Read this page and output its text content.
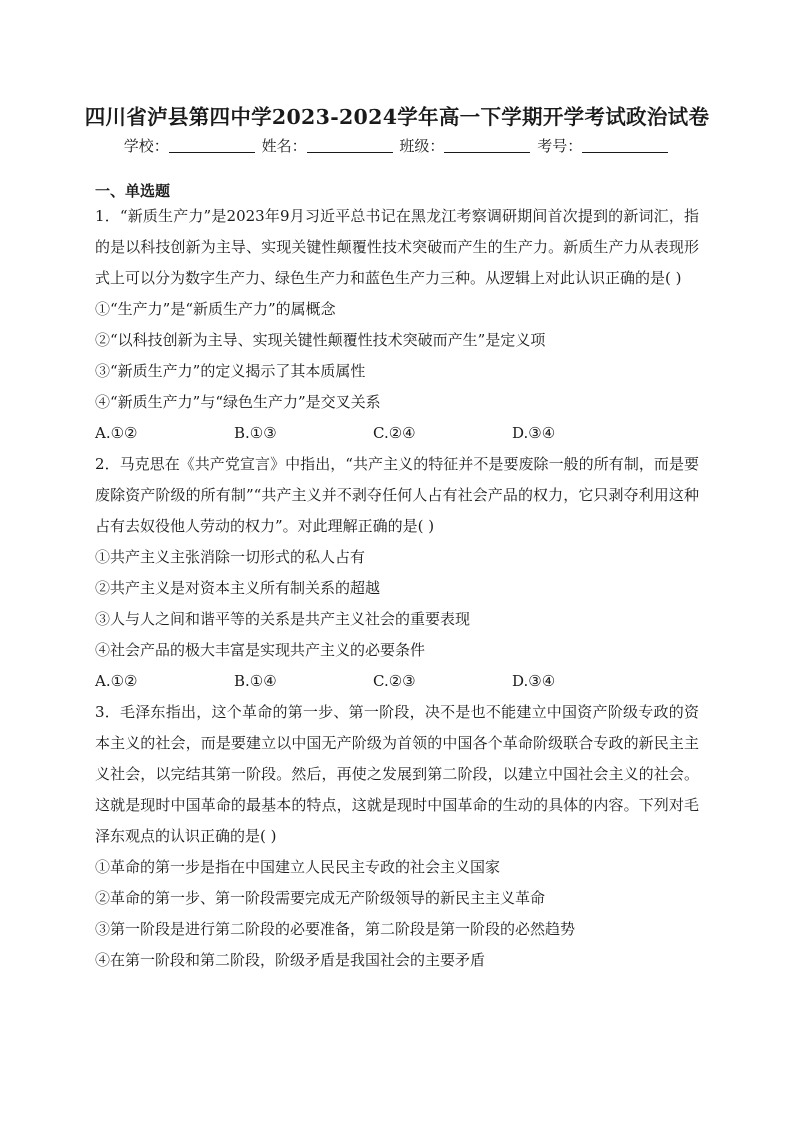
四川省泸县第四中学2023-2024学年高一下学期开学考试政治试卷
学校：	姓名：	班级：	考号：
一、单选题
1．“新质生产力”是2023年9月习近平总书记在黑龙江考察调研期间首次提到的新词汇，指的是以科技创新为主导、实现关键性颠覆性技术突破而产生的生产力。新质生产力从表现形式上可以分为数字生产力、绿色生产力和蓝色生产力三种。从逻辑上对此认识正确的是( )
①“生产力”是“新质生产力”的属概念
②“以科技创新为主导、实现关键性颠覆性技术突破而产生”是定义项
③“新质生产力”的定义揭示了其本质属性
④“新质生产力”与“绿色生产力”是交叉关系
A.①②	B.①③	C.②④	D.③④
2．马克思在《共产党宣言》中指出，“共产主义的特征并不是要废除一般的所有制，而是要废除资产阶级的所有制”“共产主义并不剥夺任何人占有社会产品的权力，它只剥夺利用这种占有去奴役他人劳动的权力”。对此理解正确的是( )
①共产主义主张消除一切形式的私人占有
②共产主义是对资本主义所有制关系的超越
③人与人之间和谐平等的关系是共产主义社会的重要表现
④社会产品的极大丰富是实现共产主义的必要条件
A.①②	B.①④	C.②③	D.③④
3．毛泽东指出，这个革命的第一步、第一阶段，决不是也不能建立中国资产阶级专政的资本主义的社会，而是要建立以中国无产阶级为首领的中国各个革命阶级联合专政的新民主主义社会，以完结其第一阶段。然后，再使之发展到第二阶段，以建立中国社会主义的社会。这就是现时中国革命的最基本的特点，这就是现时中国革命的生动的具体的内容。下列对毛泽东观点的认识正确的是( )
①革命的第一步是指在中国建立人民民主专政的社会主义国家
②革命的第一步、第一阶段需要完成无产阶级领导的新民主主义革命
③第一阶段是进行第二阶段的必要准备，第二阶段是第一阶段的必然趋势
④在第一阶段和第二阶段，阶级矛盾是我国社会的主要矛盾
